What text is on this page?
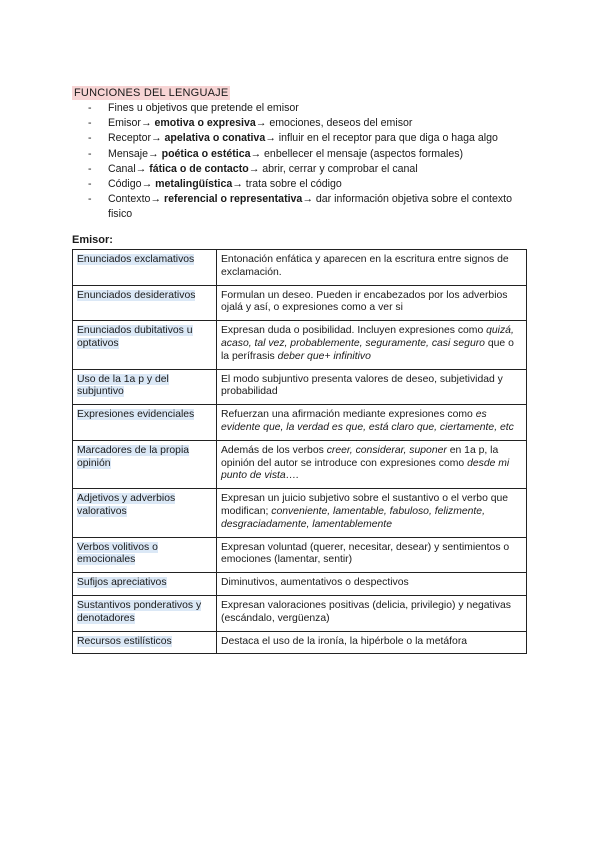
FUNCIONES DEL LENGUAJE
- Fines u objetivos que pretende el emisor
- Emisor→ emotiva o expresiva→ emociones, deseos del emisor
- Receptor→ apelativa o conativa→ influir en el receptor para que diga o haga algo
- Mensaje→ poética o estética→ enbellecer el mensaje (aspectos formales)
- Canal→ fática o de contacto→ abrir, cerrar y comprobar el canal
- Código→ metalingüística→ trata sobre el código
- Contexto→ referencial o representativa→ dar información objetiva sobre el contexto fisico
Emisor:
Enunciados exclamativos	Entonación enfática y aparecen en la escritura entre signos de exclamación.
Enunciados desiderativos	Formulan un deseo. Pueden ir encabezados por los adverbios ojalá y así, o expresiones como a ver si
Enunciados dubitativos u optativos	Expresan duda o posibilidad. Incluyen expresiones como quizá, acaso, tal vez, probablemente, seguramente, casi seguro que o la perífrasis deber que+ infinitivo
Uso de la 1a p y del subjuntivo	El modo subjuntivo presenta valores de deseo, subjetividad y probabilidad
Expresiones evidenciales	Refuerzan una afirmación mediante expresiones como es evidente que, la verdad es que, está claro que, ciertamente, etc
Marcadores de la propia opinión	Además de los verbos creer, considerar, suponer en 1a p, la opinión del autor se introduce con expresiones como desde mi punto de vista….
Adjetivos y adverbios valorativos	Expresan un juicio subjetivo sobre el sustantivo o el verbo que modifican; conveniente, lamentable, fabuloso, felizmente, desgraciadamente, lamentablemente
Verbos volitivos o emocionales	Expresan voluntad (querer, necesitar, desear) y sentimientos o emociones (lamentar, sentir)
Sufijos apreciativos	Diminutivos, aumentativos o despectivos
Sustantivos ponderativos y denotadores	Expresan valoraciones positivas (delicia, privilegio) y negativas (escándalo, vergüenza)
Recursos estilísticos	Destaca el uso de la ironía, la hipérbole o la metáfora
